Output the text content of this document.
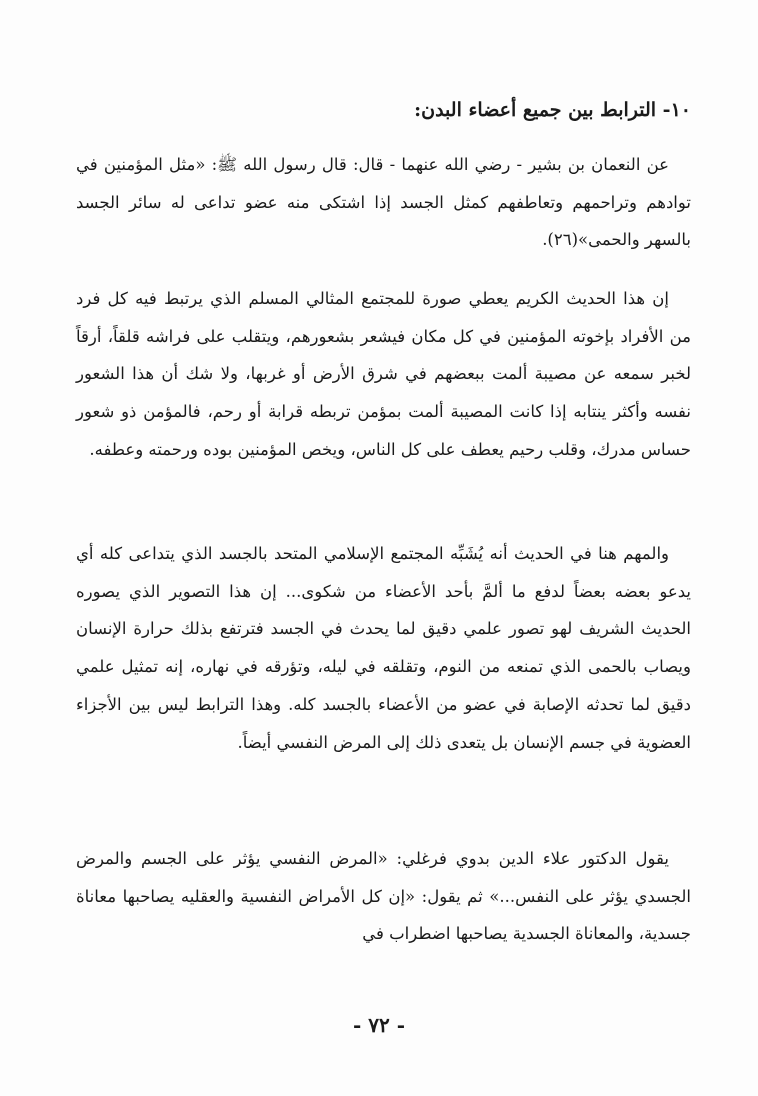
١٠- الترابط بين جميع أعضاء البدن:

عن النعمان بن بشير - رضي الله عنهما - قال: قال رسول الله ﷺ: «مثل المؤمنين في توادهم وتراحمهم وتعاطفهم كمثل الجسد إذا اشتكى منه عضو تداعى له سائر الجسد بالسهر والحمى»(٢٦).

إن هذا الحديث الكريم يعطي صورة للمجتمع المثالي المسلم الذي يرتبط فيه كل فرد من الأفراد بإخوته المؤمنين في كل مكان فيشعر بشعورهم، ويتقلب على فراشه قلقاً، أرقاً لخبر سمعه عن مصيبة ألمت ببعضهم في شرق الأرض أو غربها، ولا شك أن هذا الشعور نفسه وأكثر ينتابه إذا كانت المصيبة ألمت بمؤمن تربطه قرابة أو رحم، فالمؤمن ذو شعور حساس مدرك، وقلب رحيم يعطف على كل الناس، ويخص المؤمنين بوده ورحمته وعطفه.

والمهم هنا في الحديث أنه يُشَبِّه المجتمع الإسلامي المتحد بالجسد الذي يتداعى كله أي يدعو بعضه بعضاً لدفع ما ألمَّ بأحد الأعضاء من شكوى... إن هذا التصوير الذي يصوره الحديث الشريف لهو تصور علمي دقيق لما يحدث في الجسد فترتفع بذلك حرارة الإنسان ويصاب بالحمى الذي تمنعه من النوم، وتقلقه في ليله، وتؤرقه في نهاره، إنه تمثيل علمي دقيق لما تحدثه الإصابة في عضو من الأعضاء بالجسد كله. وهذا الترابط ليس بين الأجزاء العضوية في جسم الإنسان بل يتعدى ذلك إلى المرض النفسي أيضاً.

يقول الدكتور علاء الدين بدوي فرغلي: «المرض النفسي يؤثر على الجسم والمرض الجسدي يؤثر على النفس...» ثم يقول: «إن كل الأمراض النفسية والعقليه يصاحبها معاناة جسدية، والمعاناة الجسدية يصاحبها اضطراب في

- ٧٢ -
